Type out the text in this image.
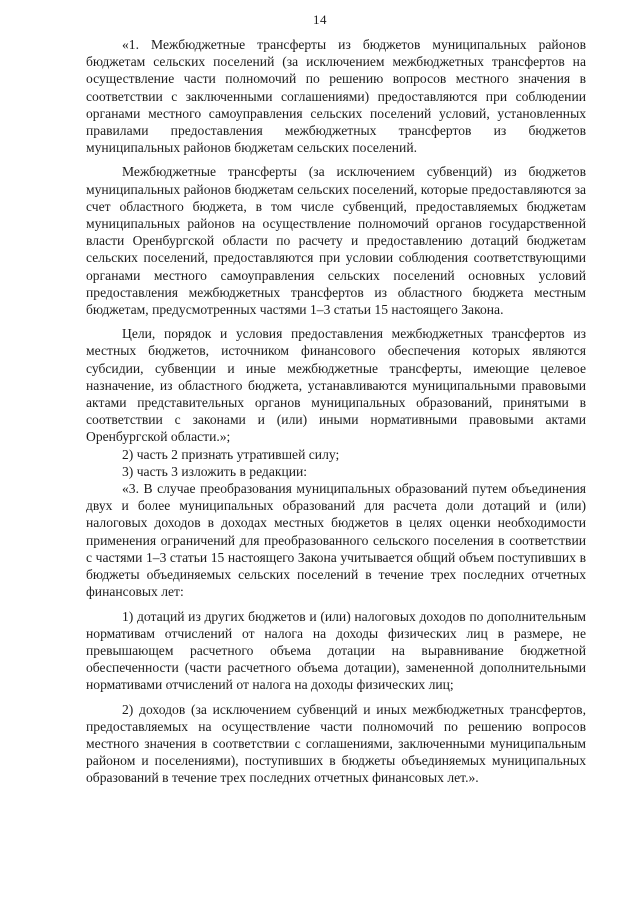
14

«1. Межбюджетные трансферты из бюджетов муниципальных районов бюджетам сельских поселений (за исключением межбюджетных трансфертов на осуществление части полномочий по решению вопросов местного значения в соответствии с заключенными соглашениями) предоставляются при соблюдении органами местного самоуправления сельских поселений условий, установленных правилами предоставления межбюджетных трансфертов из бюджетов муниципальных районов бюджетам сельских поселений.

Межбюджетные трансферты (за исключением субвенций) из бюджетов муниципальных районов бюджетам сельских поселений, которые предоставляются за счет областного бюджета, в том числе субвенций, предоставляемых бюджетам муниципальных районов на осуществление полномочий органов государственной власти Оренбургской области по расчету и предоставлению дотаций бюджетам сельских поселений, предоставляются при условии соблюдения соответствующими органами местного самоуправления сельских поселений основных условий предоставления межбюджетных трансфертов из областного бюджета местным бюджетам, предусмотренных частями 1–3 статьи 15 настоящего Закона.

Цели, порядок и условия предоставления межбюджетных трансфертов из местных бюджетов, источником финансового обеспечения которых являются субсидии, субвенции и иные межбюджетные трансферты, имеющие целевое назначение, из областного бюджета, устанавливаются муниципальными правовыми актами представительных органов муниципальных образований, принятыми в соответствии с законами и (или) иными нормативными правовыми актами Оренбургской области.»;

2) часть 2 признать утратившей силу;

3) часть 3 изложить в редакции:

«3. В случае преобразования муниципальных образований путем объединения двух и более муниципальных образований для расчета доли дотаций и (или) налоговых доходов в доходах местных бюджетов в целях оценки необходимости применения ограничений для преобразованного сельского поселения в соответствии с частями 1–3 статьи 15 настоящего Закона учитывается общий объем поступивших в бюджеты объединяемых сельских поселений в течение трех последних отчетных финансовых лет:

1) дотаций из других бюджетов и (или) налоговых доходов по дополнительным нормативам отчислений от налога на доходы физических лиц в размере, не превышающем расчетного объема дотации на выравнивание бюджетной обеспеченности (части расчетного объема дотации), замененной дополнительными нормативами отчислений от налога на доходы физических лиц;

2) доходов (за исключением субвенций и иных межбюджетных трансфертов, предоставляемых на осуществление части полномочий по решению вопросов местного значения в соответствии с соглашениями, заключенными муниципальным районом и поселениями), поступивших в бюджеты объединяемых муниципальных образований в течение трех последних отчетных финансовых лет.».
